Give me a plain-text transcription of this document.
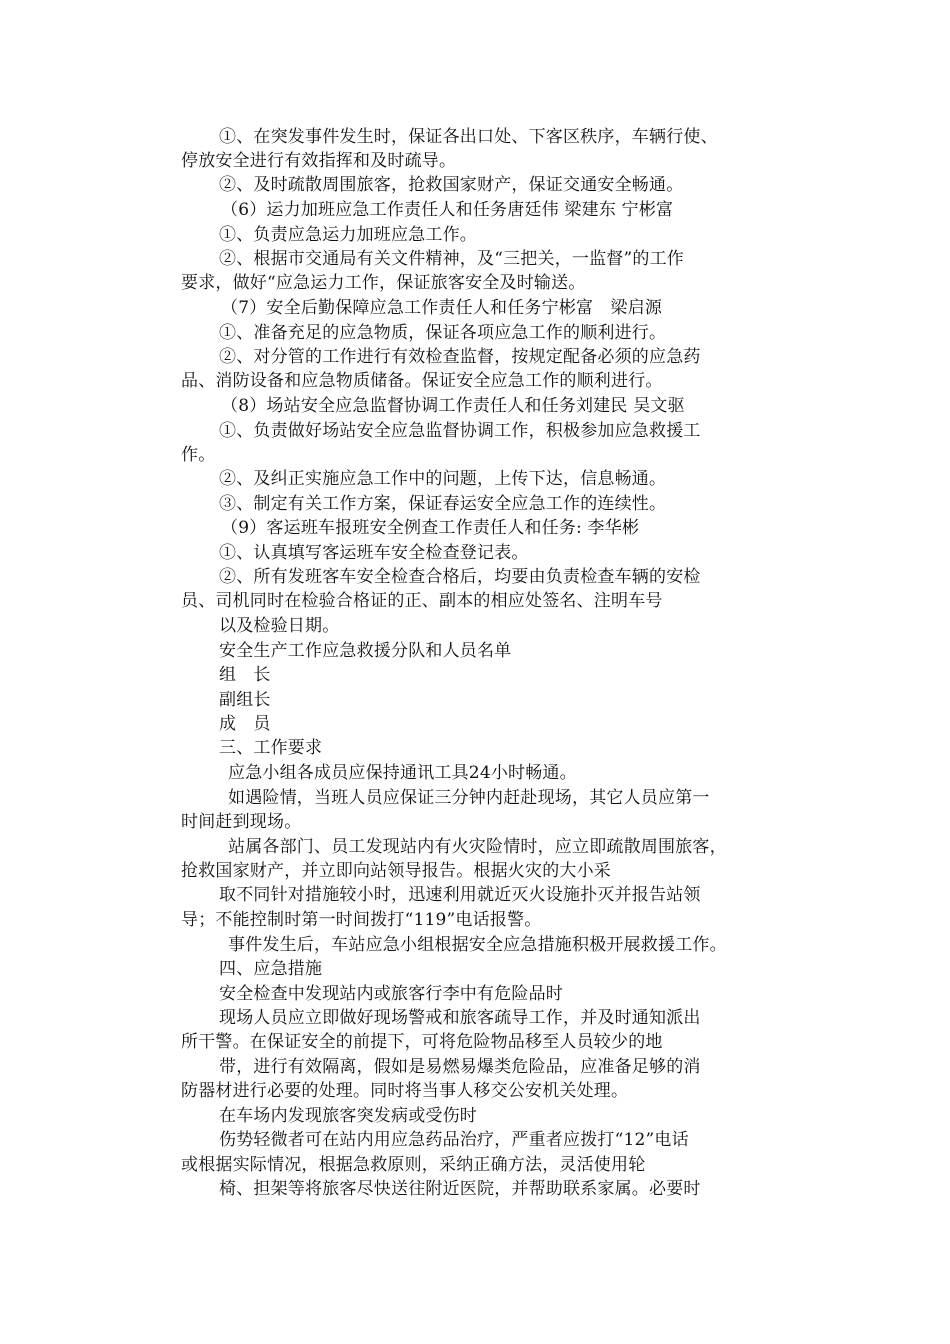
①、在突发事件发生时，保证各出口处、下客区秩序，车辆行使、
停放安全进行有效指挥和及时疏导。
②、及时疏散周围旅客，抢救国家财产，保证交通安全畅通。
（6）运力加班应急工作责任人和任务唐廷伟 梁建东 宁彬富
①、负责应急运力加班应急工作。
②、根据市交通局有关文件精神，及“三把关，一监督”的工作
要求，做好“应急运力工作，保证旅客安全及时输送。
（7）安全后勤保障应急工作责任人和任务宁彬富　梁启源
①、准备充足的应急物质，保证各项应急工作的顺利进行。
②、对分管的工作进行有效检查监督，按规定配备必须的应急药
品、消防设备和应急物质储备。保证安全应急工作的顺利进行。
（8）场站安全应急监督协调工作责任人和任务刘建民 吴文驱
①、负责做好场站安全应急监督协调工作，积极参加应急救援工
作。
②、及纠正实施应急工作中的问题，上传下达，信息畅通。
③、制定有关工作方案，保证春运安全应急工作的连续性。
（9）客运班车报班安全例查工作责任人和任务: 李华彬
①、认真填写客运班车安全检查登记表。
②、所有发班客车安全检查合格后，均要由负责检查车辆的安检
员、司机同时在检验合格证的正、副本的相应处签名、注明车号
以及检验日期。
安全生产工作应急救援分队和人员名单
组　长
副组长
成　员
三、工作要求
应急小组各成员应保持通讯工具24小时畅通。
如遇险情，当班人员应保证三分钟内赶赴现场，其它人员应第一
时间赶到现场。
站属各部门、员工发现站内有火灾险情时，应立即疏散周围旅客，
抢救国家财产，并立即向站领导报告。根据火灾的大小采
取不同针对措施较小时，迅速利用就近灭火设施扑灭并报告站领
导；不能控制时第一时间拨打“119”电话报警。
事件发生后，车站应急小组根据安全应急措施积极开展救援工作。
四、应急措施
安全检查中发现站内或旅客行李中有危险品时
现场人员应立即做好现场警戒和旅客疏导工作，并及时通知派出
所干警。在保证安全的前提下，可将危险物品移至人员较少的地
带，进行有效隔离，假如是易燃易爆类危险品，应准备足够的消
防器材进行必要的处理。同时将当事人移交公安机关处理。
在车场内发现旅客突发病或受伤时
伤势轻微者可在站内用应急药品治疗，严重者应拨打“12”电话
或根据实际情况，根据急救原则，采纳正确方法，灵活使用轮
椅、担架等将旅客尽快送往附近医院，并帮助联系家属。必要时
